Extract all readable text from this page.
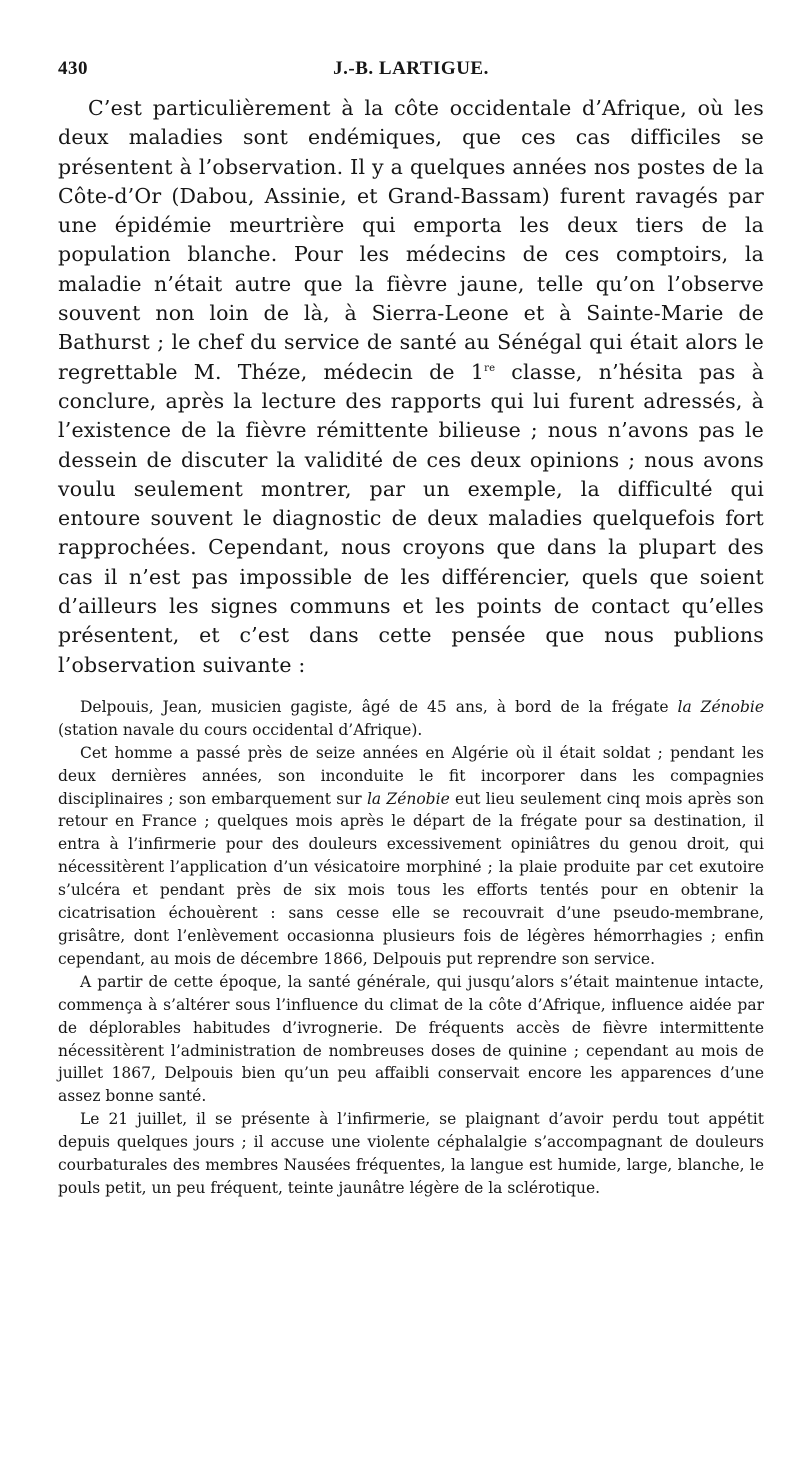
430	J.-B. LARTIGUE.

C’est particulièrement à la côte occidentale d’Afrique, où les deux maladies sont endémiques, que ces cas difficiles se présentent à l’observation. Il y a quelques années nos postes de la Côte-d’Or (Dabou, Assinie, et Grand-Bassam) furent ravagés par une épidémie meurtrière qui emporta les deux tiers de la population blanche. Pour les médecins de ces comptoirs, la maladie n’était autre que la fièvre jaune, telle qu’on l’observe souvent non loin de là, à Sierra-Leone et à Sainte-Marie de Bathurst ; le chef du service de santé au Sénégal qui était alors le regrettable M. Théze, médecin de 1re classe, n’hésita pas à conclure, après la lecture des rapports qui lui furent adressés, à l’existence de la fièvre rémittente bilieuse ; nous n’avons pas le dessein de discuter la validité de ces deux opinions ; nous avons voulu seulement montrer, par un exemple, la difficulté qui entoure souvent le diagnostic de deux maladies quelquefois fort rapprochées. Cependant, nous croyons que dans la plupart des cas il n’est pas impossible de les différencier, quels que soient d’ailleurs les signes communs et les points de contact qu’elles présentent, et c’est dans cette pensée que nous publions l’observation suivante :

Delpouis, Jean, musicien gagiste, âgé de 45 ans, à bord de la frégate la Zénobie (station navale du cours occidental d’Afrique).

Cet homme a passé près de seize années en Algérie où il était soldat ; pendant les deux dernières années, son inconduite le fit incorporer dans les compagnies disciplinaires ; son embarquement sur la Zénobie eut lieu seulement cinq mois après son retour en France ; quelques mois après le départ de la frégate pour sa destination, il entra à l’infirmerie pour des douleurs excessivement opiniâtres du genou droit, qui nécessitèrent l’application d’un vésicatoire morphiné ; la plaie produite par cet exutoire s’ulcéra et pendant près de six mois tous les efforts tentés pour en obtenir la cicatrisation échouèrent : sans cesse elle se recouvrait d’une pseudo-membrane, grisâtre, dont l’enlèvement occasionna plusieurs fois de légères hémorrhagies ; enfin cependant, au mois de décembre 1866, Delpouis put reprendre son service.

A partir de cette époque, la santé générale, qui jusqu’alors s’était maintenue intacte, commença à s’altérer sous l’influence du climat de la côte d’Afrique, influence aidée par de déplorables habitudes d’ivrognerie. De fréquents accès de fièvre intermittente nécessitèrent l’administration de nombreuses doses de quinine ; cependant au mois de juillet 1867, Delpouis bien qu’un peu affaibli conservait encore les apparences d’une assez bonne santé.

Le 21 juillet, il se présente à l’infirmerie, se plaignant d’avoir perdu tout appétit depuis quelques jours ; il accuse une violente céphalalgie s’accompagnant de douleurs courbaturales des membres Nausées fréquentes, la langue est humide, large, blanche, le pouls petit, un peu fréquent, teinte jaunâtre légère de la sclérotique.
